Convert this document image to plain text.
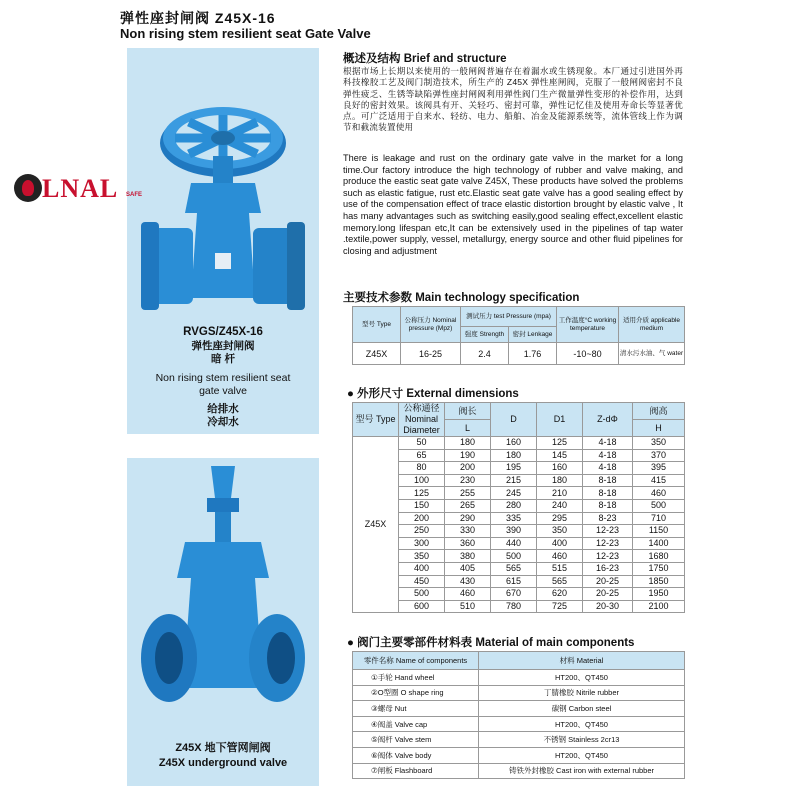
弹性座封闸阀 Z45X-16
Non rising stem resilient seat Gate Valve
RVGS/Z45X-16
弹性座封闸阀
暗 杆
Non rising stem resilient seat
gate valve
给排水
冷却水
LNAL SAFE
Z45X 地下管网闸阀
Z45X underground valve
概述及结构 Brief and structure
根据市场上长期以来使用的一般闸阀普遍存在着漏水或生锈现象。本厂通过引进国外再科技橡胶工艺及阀门制造技术，所生产的 Z45X 弹性座闸阀，克服了一般闸阀密封不良弹性疲乏、生锈等缺陷弹性座封闸阀利用弹性阀门生产微量弹性变形的补偿作用，达到良好的密封效果。该阀具有开、关轻巧、密封可靠，弹性记忆佳及使用寿命长等显著优点。可广泛适用于自来水、轻纺、电力、船舶、冶金及能源系统等，流体管线上作为调节和截流装置使用
There is leakage and rust on the ordinary gate valve in the market for a long time.Our factory introduce the high technology of rubber and valve making, and produce the eastic seat gate valve Z45X, These products have solved the problems such as elastic fatigue, rust etc.Elastic seat gate valve has a good sealing effect by use of the compensation effect of trace elastic distortion brought by elastic valve , It has many advantages such as switching easily,good sealing effect,excellent elastic memory.long lifespan etc,It can be extensively used in the pipelines of tap water .textile,power supply, vessel, metallurgy, energy source and other fluid pipelines for closing and adjustment
主要技术参数 Main technology specification
型号 Type	公称压力 Nominal pressure (Mpz)	测试压力 test Pressure (mpa)		工作温度°C working temperature	适用介质 applicable medium
		强度 Strength	密封 Lenkage		
Z45X	16-25	2.4	1.76	-10~80	清水污水油、气 water
● 外形尺寸 External dimensions
型号 Type	公称通径 Nominal Diameter	阀长	D	D1	Z-dΦ	阀高
		L				H
Z45X	50	180	160	125	4-18	350
	65	190	180	145	4-18	370
	80	200	195	160	4-18	395
	100	230	215	180	8-18	415
	125	255	245	210	8-18	460
	150	265	280	240	8-18	500
	200	290	335	295	8-23	710
	250	330	390	350	12-23	1150
	300	360	440	400	12-23	1400
	350	380	500	460	12-23	1680
	400	405	565	515	16-23	1750
	450	430	615	565	20-25	1850
	500	460	670	620	20-25	1950
	600	510	780	725	20-30	2100
● 阀门主要零部件材料表 Material of main components
零件名称 Name of components	材料 Material
①手轮 Hand wheel	HT200、QT450
②O型圈 O shape ring	丁腈橡胶 Nitrile rubber
③螺母 Nut	碳钢 Carbon steel
④阀盖 Valve cap	HT200、QT450
⑤阀杆 Valve stem	不锈钢 Stainless 2cr13
⑥阀体 Valve body	HT200、QT450
⑦闸板 Flashboard	铸铁外封橡胶 Cast iron with external rubber
